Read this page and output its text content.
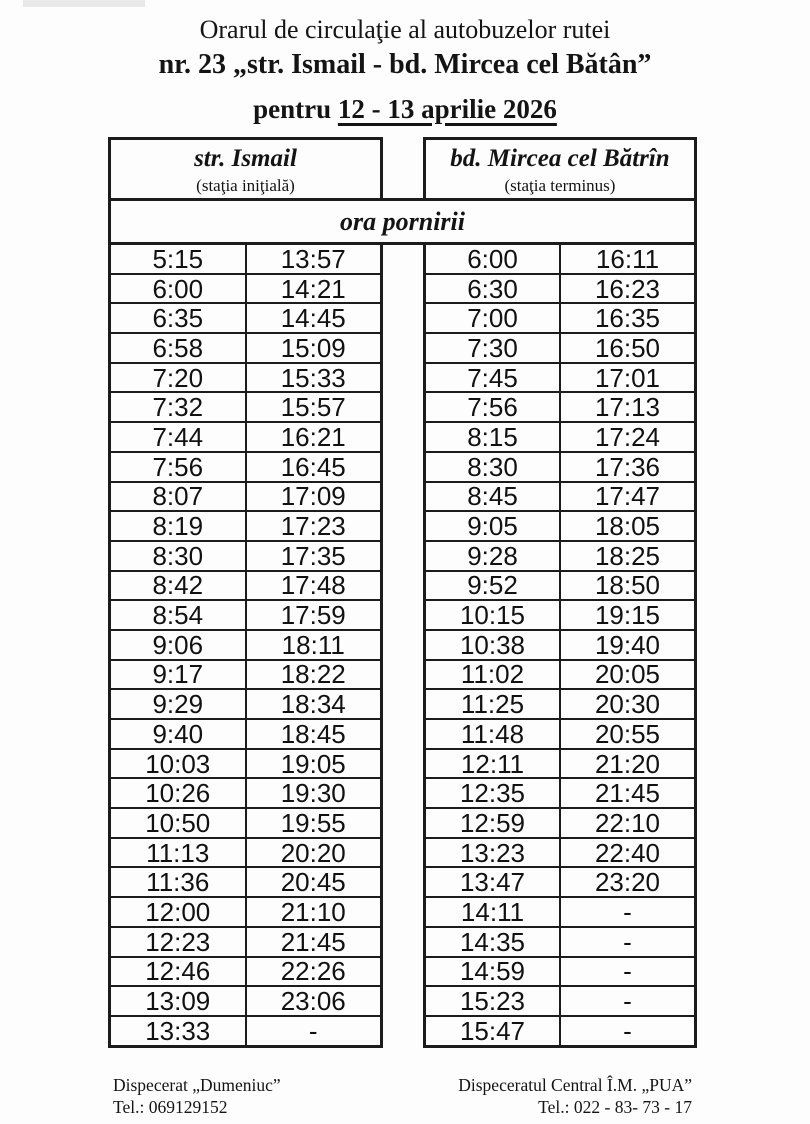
Orarul de circulaţie al autobuzelor rutei
nr. 23 „str. Ismail - bd. Mircea cel Bătân”
pentru 12 - 13 aprilie 2026
str. Ismail
(staţia iniţială)
bd. Mircea cel Bătrîn
(staţia terminus)
ora pornirii
5:15	13:57
6:00	14:21
6:35	14:45
6:58	15:09
7:20	15:33
7:32	15:57
7:44	16:21
7:56	16:45
8:07	17:09
8:19	17:23
8:30	17:35
8:42	17:48
8:54	17:59
9:06	18:11
9:17	18:22
9:29	18:34
9:40	18:45
10:03	19:05
10:26	19:30
10:50	19:55
11:13	20:20
11:36	20:45
12:00	21:10
12:23	21:45
12:46	22:26
13:09	23:06
13:33	-
6:00	16:11
6:30	16:23
7:00	16:35
7:30	16:50
7:45	17:01
7:56	17:13
8:15	17:24
8:30	17:36
8:45	17:47
9:05	18:05
9:28	18:25
9:52	18:50
10:15	19:15
10:38	19:40
11:02	20:05
11:25	20:30
11:48	20:55
12:11	21:20
12:35	21:45
12:59	22:10
13:23	22:40
13:47	23:20
14:11	-
14:35	-
14:59	-
15:23	-
15:47	-
Dispecerat „Dumeniuc”
Tel.: 069129152
Dispeceratul Central Î.M. „PUA”
Tel.: 022 - 83- 73 - 17
